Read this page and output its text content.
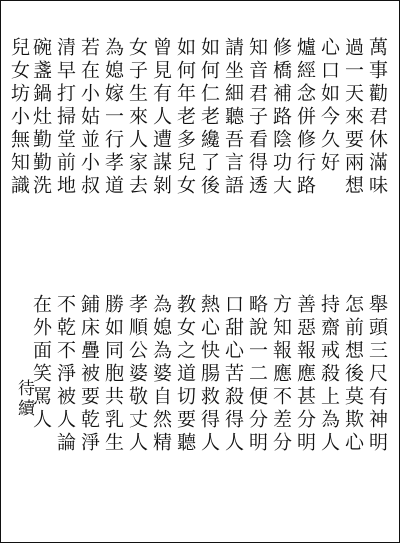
萬事勸君休滿味
過一天來要兩想
心口如今久好
爐經念併修行路
修橋補路陰功大
知音君子看得透
請坐細聽吾言語
如何仁老纔了後
如何年老多兒女
曾見有人遭謀剝
女子生來人家去
為媳嫁一行孝道
若在小姑並小叔
清早打掃堂前地
碗盞鍋灶勤勤洗
兒女坊小無知識
舉頭三尺有神明
怎前想後莫欺心
持齋戒殺上為人
善惡報應甚分明
方知報應不差分
略說一二便分明
口甜心苦殺得人
熱心快腸救得人
教女之道切要聽
為媳為婆自然精
孝順公婆敬丈人
勝如同胞共乳生
鋪床疊被要乾淨
不乾不淨被人論
在外面笑罵人
待續
